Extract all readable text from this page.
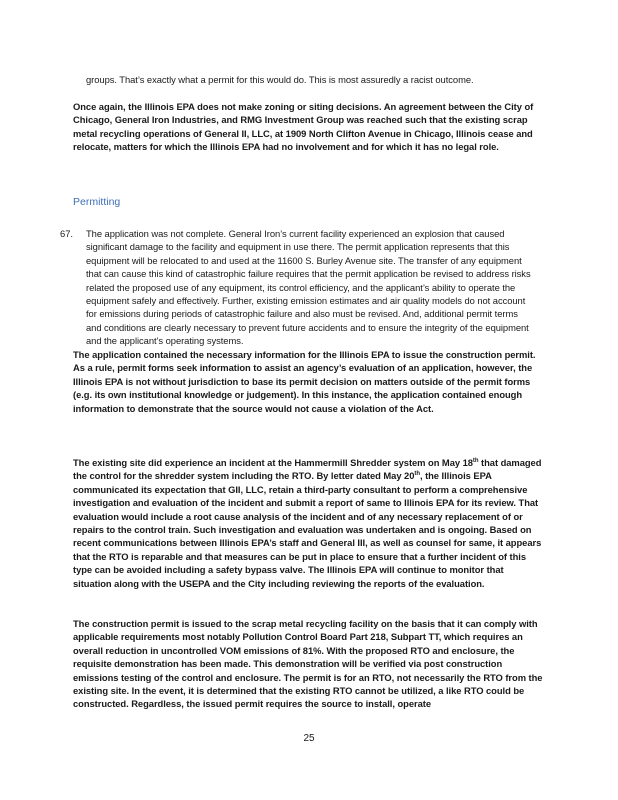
groups. That’s exactly what a permit for this would do. This is most assuredly a racist outcome.

Once again, the Illinois EPA does not make zoning or siting decisions. An agreement between the City of Chicago, General Iron Industries, and RMG Investment Group was reached such that the existing scrap metal recycling operations of General II, LLC, at 1909 North Clifton Avenue in Chicago, Illinois cease and relocate, matters for which the Illinois EPA had no involvement and for which it has no legal role.

Permitting

67. The application was not complete. General Iron’s current facility experienced an explosion that caused significant damage to the facility and equipment in use there. The permit application represents that this equipment will be relocated to and used at the 11600 S. Burley Avenue site. The transfer of any equipment that can cause this kind of catastrophic failure requires that the permit application be revised to address risks related the proposed use of any equipment, its control efficiency, and the applicant’s ability to operate the equipment safely and effectively. Further, existing emission estimates and air quality models do not account for emissions during periods of catastrophic failure and also must be revised. And, additional permit terms and conditions are clearly necessary to prevent future accidents and to ensure the integrity of the equipment and the applicant’s operating systems.

The application contained the necessary information for the Illinois EPA to issue the construction permit. As a rule, permit forms seek information to assist an agency’s evaluation of an application, however, the Illinois EPA is not without jurisdiction to base its permit decision on matters outside of the permit forms (e.g. its own institutional knowledge or judgement). In this instance, the application contained enough information to demonstrate that the source would not cause a violation of the Act.

The existing site did experience an incident at the Hammermill Shredder system on May 18th that damaged the control for the shredder system including the RTO. By letter dated May 20th, the Illinois EPA communicated its expectation that GII, LLC, retain a third-party consultant to perform a comprehensive investigation and evaluation of the incident and submit a report of same to Illinois EPA for its review. That evaluation would include a root cause analysis of the incident and of any necessary replacement of or repairs to the control train. Such investigation and evaluation was undertaken and is ongoing. Based on recent communications between Illinois EPA’s staff and General III, as well as counsel for same, it appears that the RTO is reparable and that measures can be put in place to ensure that a further incident of this type can be avoided including a safety bypass valve. The Illinois EPA will continue to monitor that situation along with the USEPA and the City including reviewing the reports of the evaluation.

The construction permit is issued to the scrap metal recycling facility on the basis that it can comply with applicable requirements most notably Pollution Control Board Part 218, Subpart TT, which requires an overall reduction in uncontrolled VOM emissions of 81%. With the proposed RTO and enclosure, the requisite demonstration has been made. This demonstration will be verified via post construction emissions testing of the control and enclosure. The permit is for an RTO, not necessarily the RTO from the existing site. In the event, it is determined that the existing RTO cannot be utilized, a like RTO could be constructed. Regardless, the issued permit requires the source to install, operate

25
